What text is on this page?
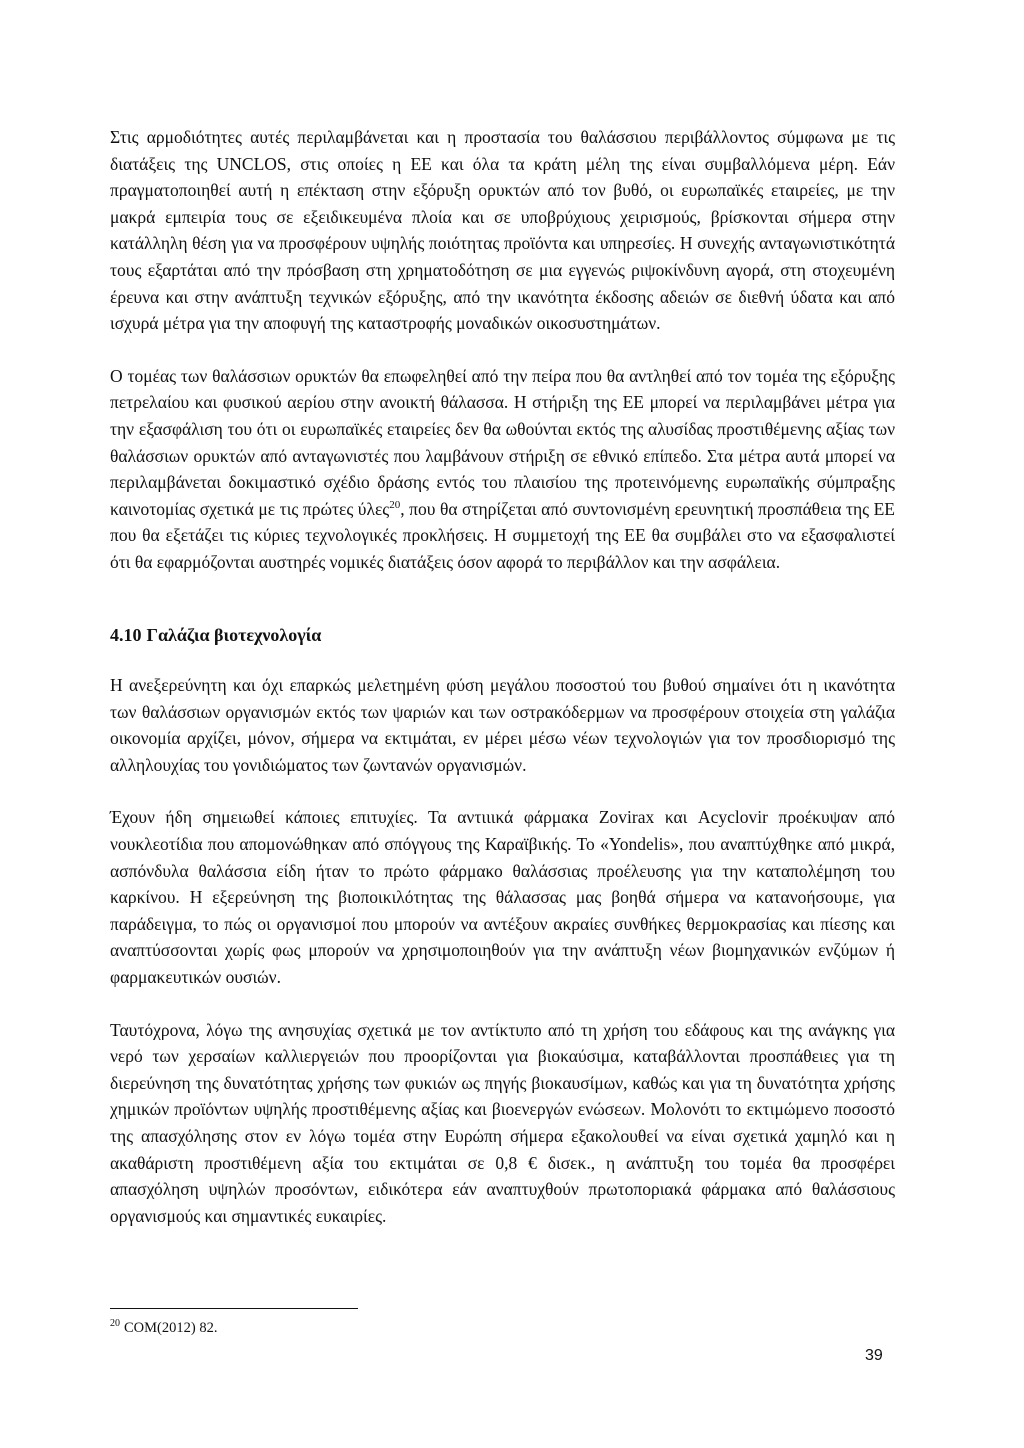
Στις αρμοδιότητες αυτές περιλαμβάνεται και η προστασία του θαλάσσιου περιβάλλοντος σύμφωνα με τις διατάξεις της UNCLOS, στις οποίες η ΕΕ και όλα τα κράτη μέλη της είναι συμβαλλόμενα μέρη. Εάν πραγματοποιηθεί αυτή η επέκταση στην εξόρυξη ορυκτών από τον βυθό, οι ευρωπαϊκές εταιρείες, με την μακρά εμπειρία τους σε εξειδικευμένα πλοία και σε υποβρύχιους χειρισμούς, βρίσκονται σήμερα στην κατάλληλη θέση για να προσφέρουν υψηλής ποιότητας προϊόντα και υπηρεσίες. Η συνεχής ανταγωνιστικότητά τους εξαρτάται από την πρόσβαση στη χρηματοδότηση σε μια εγγενώς ριψοκίνδυνη αγορά, στη στοχευμένη έρευνα και στην ανάπτυξη τεχνικών εξόρυξης, από την ικανότητα έκδοσης αδειών σε διεθνή ύδατα και από ισχυρά μέτρα για την αποφυγή της καταστροφής μοναδικών οικοσυστημάτων.

Ο τομέας των θαλάσσιων ορυκτών θα επωφεληθεί από την πείρα που θα αντληθεί από τον τομέα της εξόρυξης πετρελαίου και φυσικού αερίου στην ανοικτή θάλασσα. Η στήριξη της ΕΕ μπορεί να περιλαμβάνει μέτρα για την εξασφάλιση του ότι οι ευρωπαϊκές εταιρείες δεν θα ωθούνται εκτός της αλυσίδας προστιθέμενης αξίας των θαλάσσιων ορυκτών από ανταγωνιστές που λαμβάνουν στήριξη σε εθνικό επίπεδο. Στα μέτρα αυτά μπορεί να περιλαμβάνεται δοκιμαστικό σχέδιο δράσης εντός του πλαισίου της προτεινόμενης ευρωπαϊκής σύμπραξης καινοτομίας σχετικά με τις πρώτες ύλες$^{20}$, που θα στηρίζεται από συντονισμένη ερευνητική προσπάθεια της ΕΕ που θα εξετάζει τις κύριες τεχνολογικές προκλήσεις. Η συμμετοχή της ΕΕ θα συμβάλει στο να εξασφαλιστεί ότι θα εφαρμόζονται αυστηρές νομικές διατάξεις όσον αφορά το περιβάλλον και την ασφάλεια.

4.10 Γαλάζια βιοτεχνολογία

Η ανεξερεύνητη και όχι επαρκώς μελετημένη φύση μεγάλου ποσοστού του βυθού σημαίνει ότι η ικανότητα των θαλάσσιων οργανισμών εκτός των ψαριών και των οστρακόδερμων να προσφέρουν στοιχεία στη γαλάζια οικονομία αρχίζει, μόνον, σήμερα να εκτιμάται, εν μέρει μέσω νέων τεχνολογιών για τον προσδιορισμό της αλληλουχίας του γονιδιώματος των ζωντανών οργανισμών.

Έχουν ήδη σημειωθεί κάποιες επιτυχίες. Τα αντιιικά φάρμακα Zovirax και Acyclovir προέκυψαν από νουκλεοτίδια που απομονώθηκαν από σπόγγους της Καραϊβικής. Το «Yondelis», που αναπτύχθηκε από μικρά, ασπόνδυλα θαλάσσια είδη ήταν το πρώτο φάρμακο θαλάσσιας προέλευσης για την καταπολέμηση του καρκίνου. Η εξερεύνηση της βιοποικιλότητας της θάλασσας μας βοηθά σήμερα να κατανοήσουμε, για παράδειγμα, το πώς οι οργανισμοί που μπορούν να αντέξουν ακραίες συνθήκες θερμοκρασίας και πίεσης και αναπτύσσονται χωρίς φως μπορούν να χρησιμοποιηθούν για την ανάπτυξη νέων βιομηχανικών ενζύμων ή φαρμακευτικών ουσιών.

Ταυτόχρονα, λόγω της ανησυχίας σχετικά με τον αντίκτυπο από τη χρήση του εδάφους και της ανάγκης για νερό των χερσαίων καλλιεργειών που προορίζονται για βιοκαύσιμα, καταβάλλονται προσπάθειες για τη διερεύνηση της δυνατότητας χρήσης των φυκιών ως πηγής βιοκαυσίμων, καθώς και για τη δυνατότητα χρήσης χημικών προϊόντων υψηλής προστιθέμενης αξίας και βιοενεργών ενώσεων. Μολονότι το εκτιμώμενο ποσοστό της απασχόλησης στον εν λόγω τομέα στην Ευρώπη σήμερα εξακολουθεί να είναι σχετικά χαμηλό και η ακαθάριστη προστιθέμενη αξία του εκτιμάται σε 0,8 € δισεκ., η ανάπτυξη του τομέα θα προσφέρει απασχόληση υψηλών προσόντων, ειδικότερα εάν αναπτυχθούν πρωτοποριακά φάρμακα από θαλάσσιους οργανισμούς και σημαντικές ευκαιρίες.

$^{20}$ COM(2012) 82.
39
